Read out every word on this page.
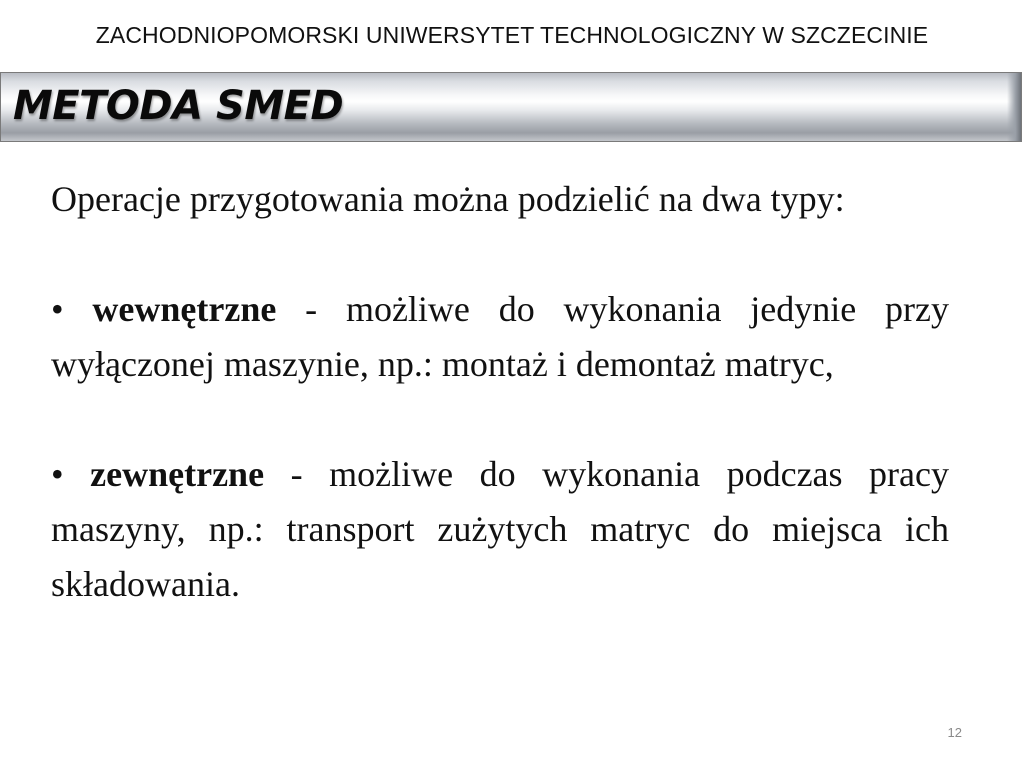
ZACHODNIOPOMORSKI UNIWERSYTET TECHNOLOGICZNY W SZCZECINIE
METODA SMED

Operacje przygotowania można podzielić na dwa typy:

• wewnętrzne - możliwe do wykonania jedynie przy wyłączonej maszynie, np.: montaż i demontaż matryc,

• zewnętrzne - możliwe do wykonania podczas pracy maszyny, np.: transport zużytych matryc do miejsca ich składowania.

12
